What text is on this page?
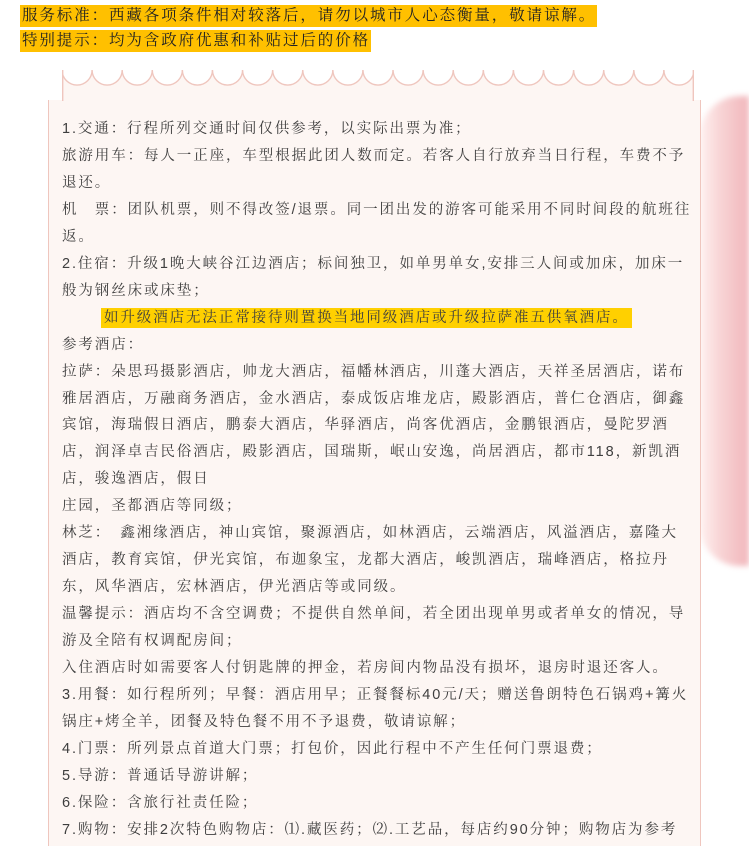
服务标准：西藏各项条件相对较落后，请勿以城市人心态衡量，敬请谅解。
特别提示：均为含政府优惠和补贴过后的价格
1.交通：行程所列交通时间仅供参考，以实际出票为准；
旅游用车：每人一正座，车型根据此团人数而定。若客人自行放弃当日行程，车费不予
退还。
机　票：团队机票，则不得改签/退票。同一团出发的游客可能采用不同时间段的航班往
返。
2.住宿：升级1晚大峡谷江边酒店；标间独卫，如单男单女,安排三人间或加床，加床一
般为钢丝床或床垫；
如升级酒店无法正常接待则置换当地同级酒店或升级拉萨准五供氧酒店。
参考酒店：
拉萨：朵思玛摄影酒店，帅龙大酒店，福幡林酒店，川蓬大酒店，天祥圣居酒店，诺布
雅居酒店，万融商务酒店，金水酒店，泰成饭店堆龙店，殿影酒店，普仁仓酒店，御鑫
宾馆，海瑞假日酒店，鹏泰大酒店，华驿酒店，尚客优酒店，金鹏银酒店，曼陀罗酒
店，润泽卓吉民俗酒店，殿影酒店，国瑞斯，岷山安逸，尚居酒店，都市118，新凯酒
店，骏逸酒店，假日
庄园，圣都酒店等同级；
林芝：　鑫湘缘酒店，神山宾馆，聚源酒店，如林酒店，云端酒店，风溢酒店，嘉隆大
酒店，教育宾馆，伊光宾馆，布迦象宝，龙都大酒店，峻凯酒店，瑞峰酒店，格拉丹
东，风华酒店，宏林酒店，伊光酒店等或同级。
温馨提示：酒店均不含空调费；不提供自然单间，若全团出现单男或者单女的情况，导
游及全陪有权调配房间；
入住酒店时如需要客人付钥匙牌的押金，若房间内物品没有损坏，退房时退还客人。
3.用餐：如行程所列；早餐：酒店用早；正餐餐标40元/天；赠送鲁朗特色石锅鸡+篝火
锅庄+烤全羊，团餐及特色餐不用不予退费，敬请谅解；
4.门票：所列景点首道大门票；打包价，因此行程中不产生任何门票退费；
5.导游：普通话导游讲解；
6.保险：含旅行社责任险；
7.购物：安排2次特色购物店：⑴.藏医药；⑵.工艺品，每店约90分钟；购物店为参考
